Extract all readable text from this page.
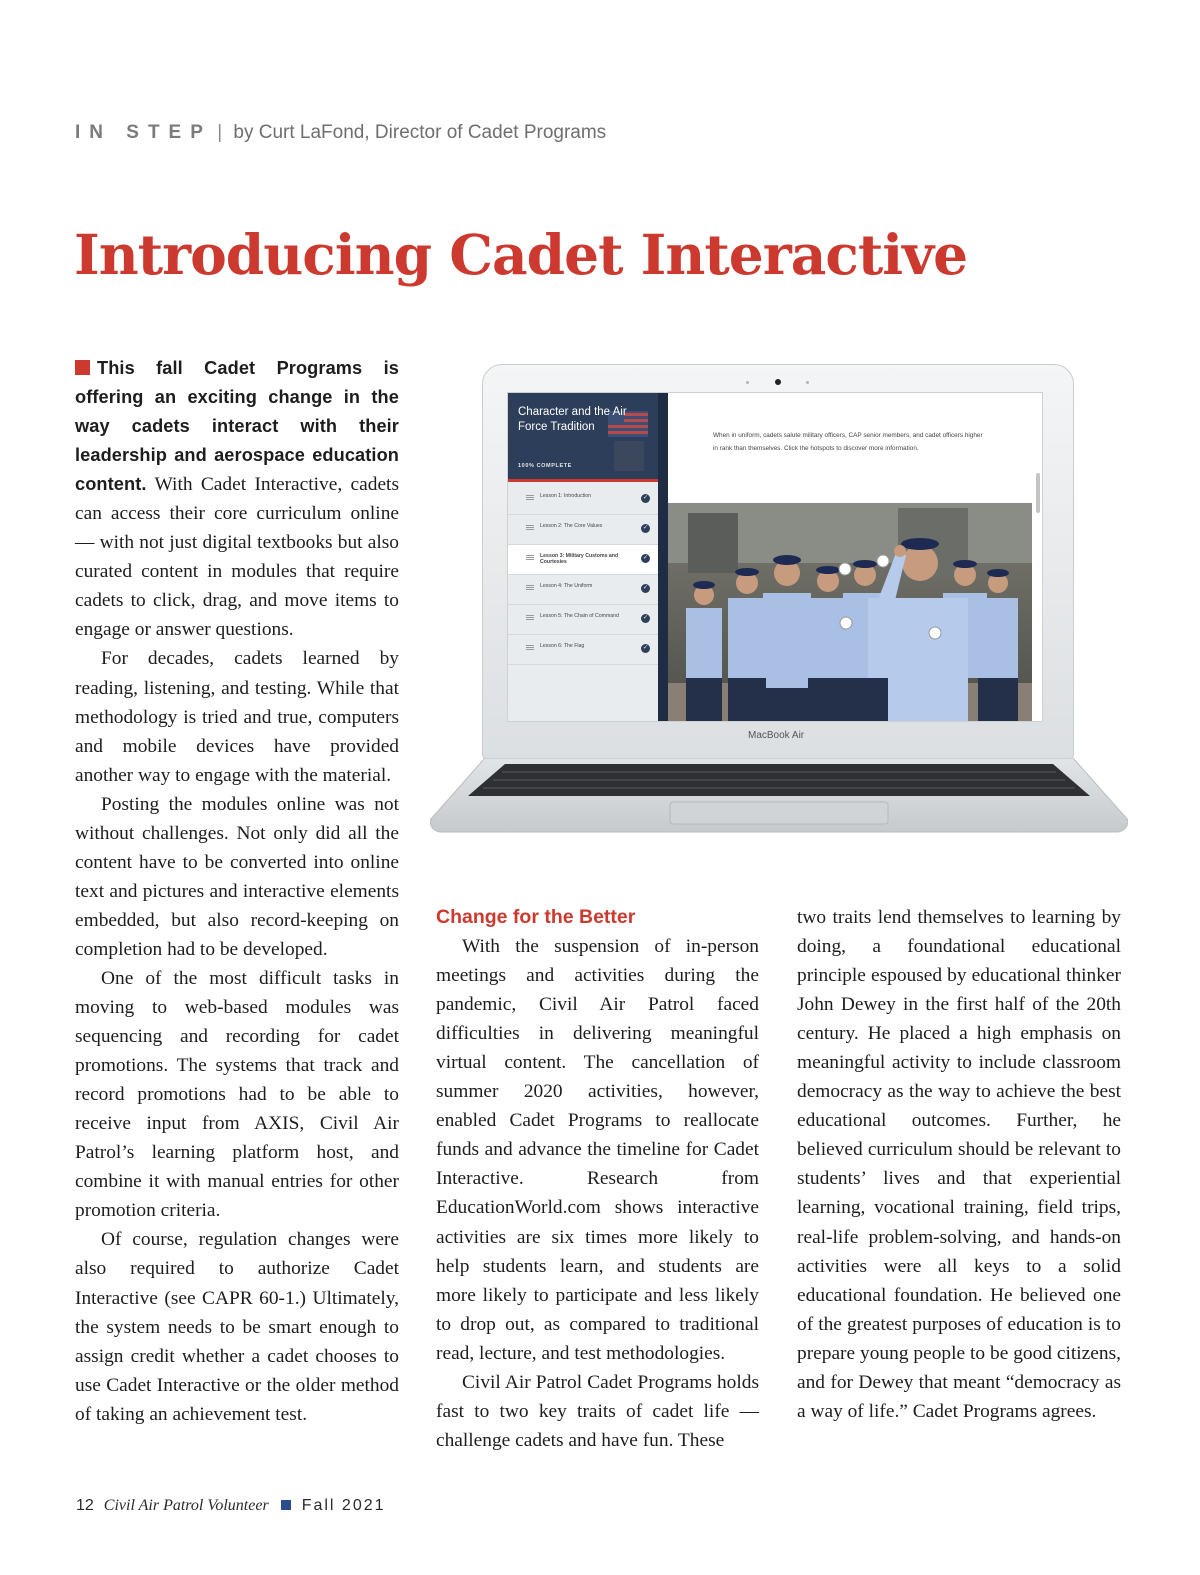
IN STEP | by Curt LaFond, Director of Cadet Programs
Introducing Cadet Interactive

This fall Cadet Programs is offering an exciting change in the way cadets interact with their leadership and aerospace education content. With Cadet Interactive, cadets can access their core curriculum online — with not just digital textbooks but also curated content in modules that require cadets to click, drag, and move items to engage or answer questions.

For decades, cadets learned by reading, listening, and testing. While that methodology is tried and true, computers and mobile devices have provided another way to engage with the material.

Posting the modules online was not without challenges. Not only did all the content have to be converted into online text and pictures and interactive elements embedded, but also record-keeping on completion had to be developed.

One of the most difficult tasks in moving to web-based modules was sequencing and recording for cadet promotions. The systems that track and record promotions had to be able to receive input from AXIS, Civil Air Patrol’s learning platform host, and combine it with manual entries for other promotion criteria.

Of course, regulation changes were also required to authorize Cadet Interactive (see CAPR 60-1.) Ultimately, the system needs to be smart enough to assign credit whether a cadet chooses to use Cadet Interactive or the older method of taking an achievement test.

Change for the Better

With the suspension of in-person meetings and activities during the pandemic, Civil Air Patrol faced difficulties in delivering meaningful virtual content. The cancellation of summer 2020 activities, however, enabled Cadet Programs to reallocate funds and advance the timeline for Cadet Interactive. Research from EducationWorld.com shows interactive activities are six times more likely to help students learn, and students are more likely to participate and less likely to drop out, as compared to traditional read, lecture, and test methodologies.

Civil Air Patrol Cadet Programs holds fast to two key traits of cadet life — challenge cadets and have fun. These

two traits lend themselves to learning by doing, a foundational educational principle espoused by educational thinker John Dewey in the first half of the 20th century. He placed a high emphasis on meaningful activity to include classroom democracy as the way to achieve the best educational outcomes. Further, he believed curriculum should be relevant to students’ lives and that experiential learning, vocational training, field trips, real-life problem-solving, and hands-on activities were all keys to a solid educational foundation. He believed one of the greatest purposes of education is to prepare young people to be good citizens, and for Dewey that meant “democracy as a way of life.” Cadet Programs agrees.

Character and the Air Force Tradition
100% COMPLETE
Lesson 1: Introduction	✓
Lesson 2: The Core Values	✓
Lesson 3: Military Customs and Courtesies
✓
Lesson 4: The Uniform	✓
Lesson 5: The Chain of Command	✓
Lesson 6: The Flag	✓
When in uniform, cadets salute military officers, CAP senior members, and cadet officers higher in rank than themselves. Click the hotspots to discover more information.
MacBook Air
12 Civil Air Patrol Volunteer Fall 2021
